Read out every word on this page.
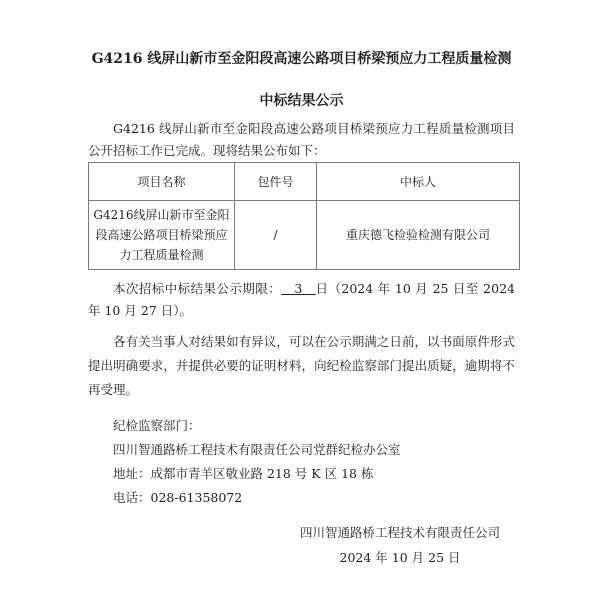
G4216 线屏山新市至金阳段高速公路项目桥梁预应力工程质量检测
中标结果公示

G4216 线屏山新市至金阳段高速公路项目桥梁预应力工程质量检测项目公开招标工作已完成。现将结果公布如下：

项目名称	包件号	中标人
G4216线屏山新市至金阳段高速公路项目桥梁预应力工程质量检测	/	重庆德飞检验检测有限公司

本次招标中标结果公示期限：   3   日（2024 年 10 月 25 日至 2024 年 10 月 27 日）。

各有关当事人对结果如有异议，可以在公示期满之日前，以书面原件形式提出明确要求，并提供必要的证明材料，向纪检监察部门提出质疑，逾期将不再受理。

纪检监察部门：

四川智通路桥工程技术有限责任公司党群纪检办公室

地址：成都市青羊区敬业路 218 号 K 区 18 栋

电话：028-61358072

四川智通路桥工程技术有限责任公司

2024 年 10 月 25 日
